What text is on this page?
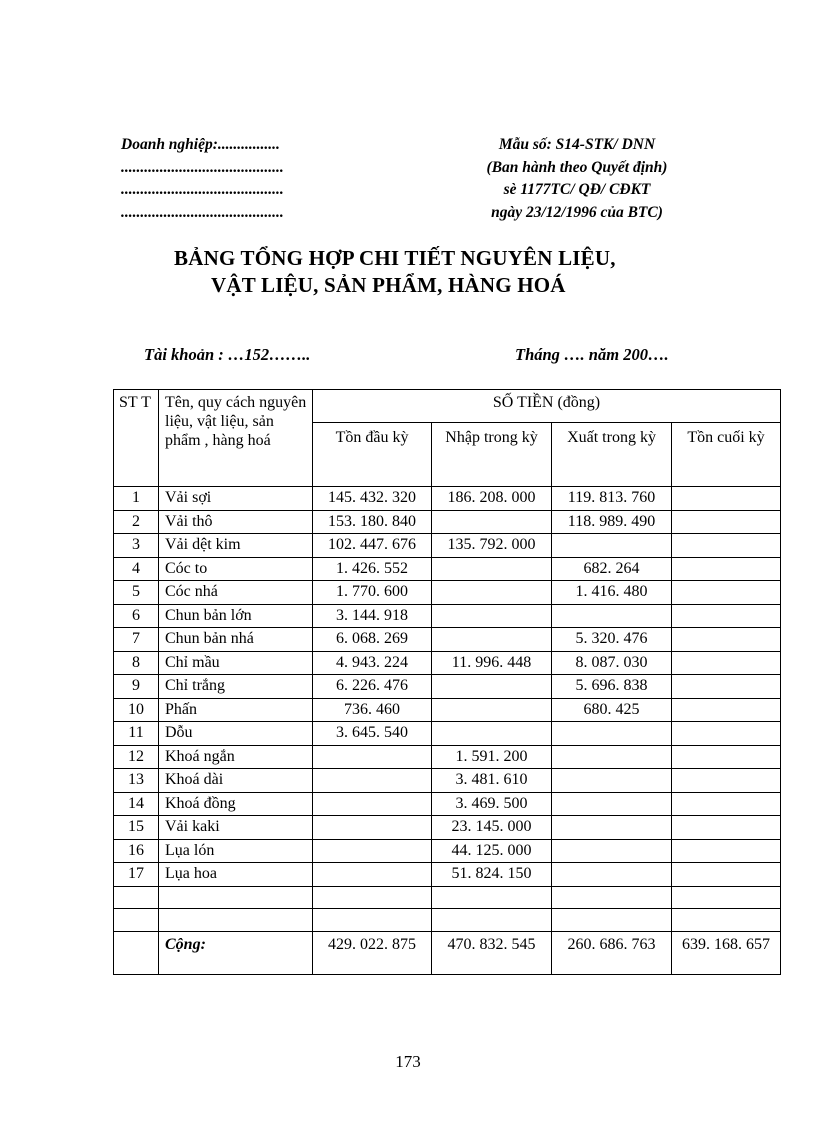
Doanh nghiệp:................
..........................................
..........................................
..........................................
Mẫu số: S14-STK/ DNN
(Ban hành theo Quyết định)
sè 1177TC/ QĐ/ CĐKT
ngày 23/12/1996 của BTC)
BẢNG TỔNG HỢP CHI TIẾT NGUYÊN LIỆU,
VẬT LIỆU, SẢN PHẨM, HÀNG HOÁ
Tài khoản : …152……..	Tháng …. năm 200….
ST T	Tên, quy cách nguyên liệu, vật liệu, sản phẩm , hàng hoá	SỐ TIỀN (đồng)			
		Tồn đầu kỳ	Nhập trong kỳ	Xuất trong kỳ	Tồn cuối kỳ
1	Vải sợi	145. 432. 320	186. 208. 000	119. 813. 760	
2	Vải thô	153. 180. 840		118. 989. 490	
3	Vải dệt kim	102. 447. 676	135. 792. 000		
4	Cóc to	1. 426. 552		682. 264	
5	Cóc nhá	1. 770. 600		1. 416. 480	
6	Chun bản lớn	3. 144. 918			
7	Chun bản nhá	6. 068. 269		5. 320. 476	
8	Chỉ mầu	4. 943. 224	11. 996. 448	8. 087. 030	
9	Chỉ trắng	6. 226. 476		5. 696. 838	
10	Phấn	736. 460		680. 425	
11	Dỗu	3. 645. 540			
12	Khoá ngắn		1. 591. 200		
13	Khoá dài		3. 481. 610		
14	Khoá đồng		3. 469. 500		
15	Vải kaki		23. 145. 000		
16	Lụa lón		44. 125. 000		
17	Lụa hoa		51. 824. 150		

	Cộng:	429. 022. 875	470. 832. 545	260. 686. 763	639. 168. 657
173
